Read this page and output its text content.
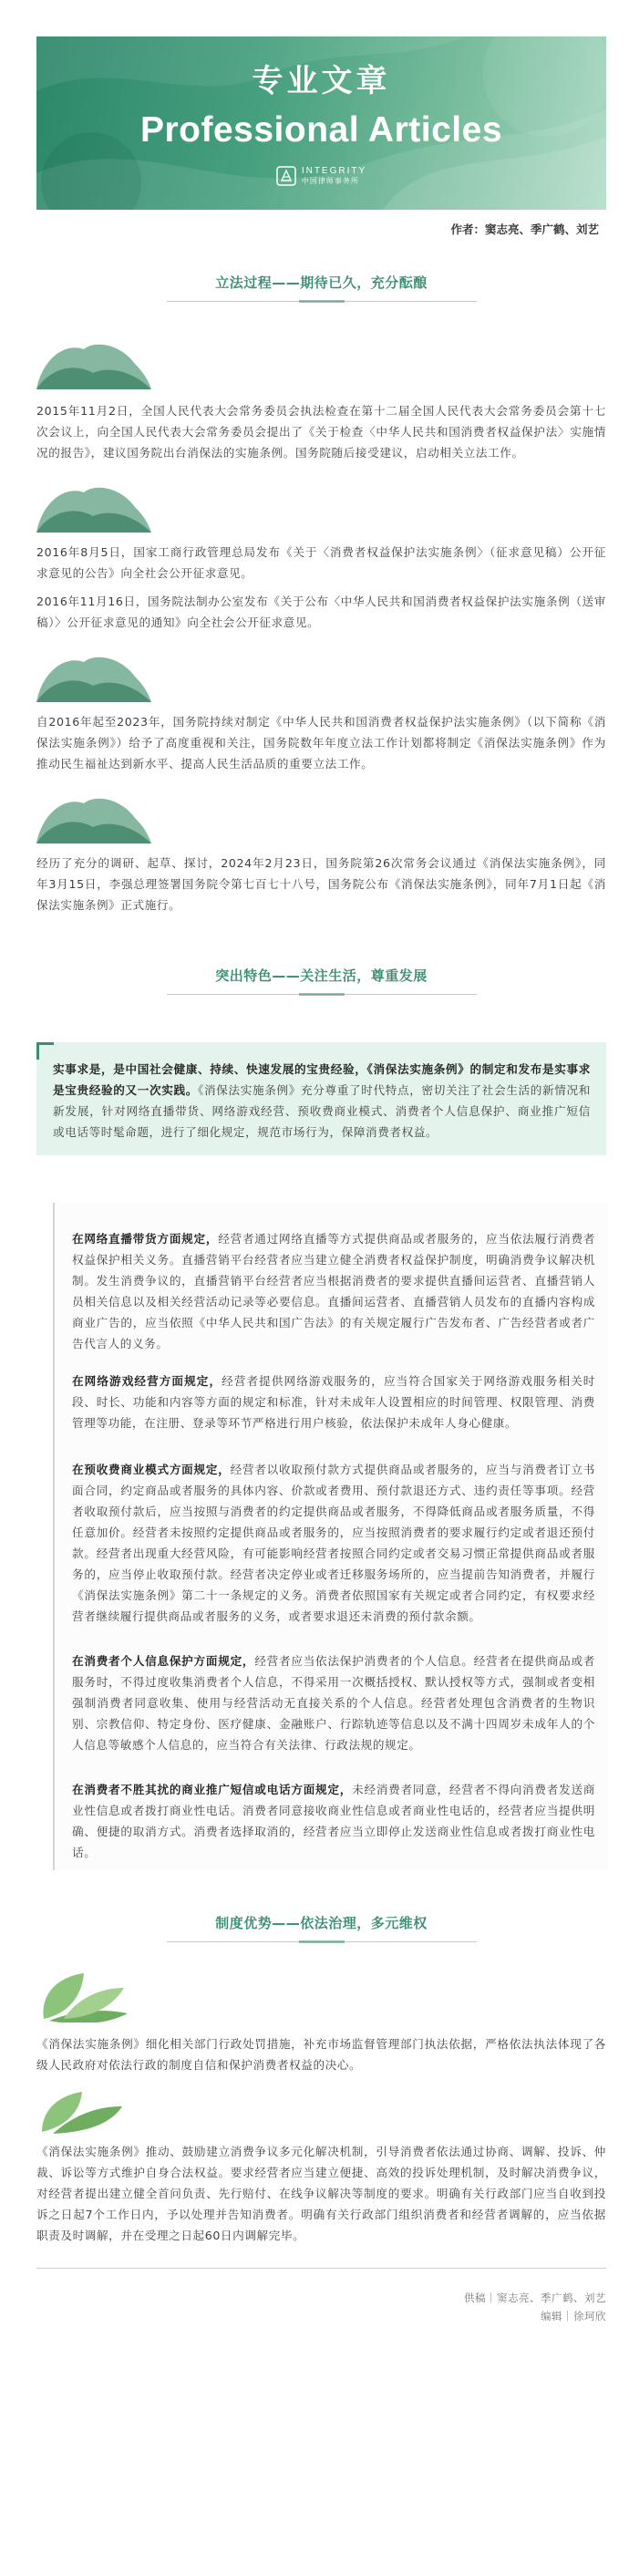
专业文章
Professional Articles
INTEGRITY
中国律师事务所
作者：窦志亮、季广鹤、刘艺
立法过程——期待已久，充分酝酿

2015年11月2日，全国人民代表大会常务委员会执法检查在第十二届全国人民代表大会常务委员会第十七次会议上，向全国人民代表大会常务委员会提出了《关于检查〈中华人民共和国消费者权益保护法〉实施情况的报告》，建议国务院出台消保法的实施条例。国务院随后接受建议，启动相关立法工作。

2016年8月5日，国家工商行政管理总局发布《关于〈消费者权益保护法实施条例〉（征求意见稿）公开征求意见的公告》向全社会公开征求意见。

2016年11月16日，国务院法制办公室发布《关于公布〈中华人民共和国消费者权益保护法实施条例（送审稿）〉公开征求意见的通知》向全社会公开征求意见。

自2016年起至2023年，国务院持续对制定《中华人民共和国消费者权益保护法实施条例》（以下简称《消保法实施条例》）给予了高度重视和关注，国务院数年年度立法工作计划都将制定《消保法实施条例》作为推动民生福祉达到新水平、提高人民生活品质的重要立法工作。

经历了充分的调研、起草、探讨，2024年2月23日，国务院第26次常务会议通过《消保法实施条例》，同年3月15日，李强总理签署国务院令第七百七十八号，国务院公布《消保法实施条例》，同年7月1日起《消保法实施条例》正式施行。

突出特色——关注生活，尊重发展

实事求是，是中国社会健康、持续、快速发展的宝贵经验，《消保法实施条例》的制定和发布是实事求是宝贵经验的又一次实践。《消保法实施条例》充分尊重了时代特点，密切关注了社会生活的新情况和新发展，针对网络直播带货、网络游戏经营、预收费商业模式、消费者个人信息保护、商业推广短信或电话等时髦命题，进行了细化规定，规范市场行为，保障消费者权益。

在网络直播带货方面规定，经营者通过网络直播等方式提供商品或者服务的，应当依法履行消费者权益保护相关义务。直播营销平台经营者应当建立健全消费者权益保护制度，明确消费争议解决机制。发生消费争议的，直播营销平台经营者应当根据消费者的要求提供直播间运营者、直播营销人员相关信息以及相关经营活动记录等必要信息。直播间运营者、直播营销人员发布的直播内容构成商业广告的，应当依照《中华人民共和国广告法》的有关规定履行广告发布者、广告经营者或者广告代言人的义务。

在网络游戏经营方面规定，经营者提供网络游戏服务的，应当符合国家关于网络游戏服务相关时段、时长、功能和内容等方面的规定和标准，针对未成年人设置相应的时间管理、权限管理、消费管理等功能，在注册、登录等环节严格进行用户核验，依法保护未成年人身心健康。

在预收费商业模式方面规定，经营者以收取预付款方式提供商品或者服务的，应当与消费者订立书面合同，约定商品或者服务的具体内容、价款或者费用、预付款退还方式、违约责任等事项。经营者收取预付款后，应当按照与消费者的约定提供商品或者服务，不得降低商品或者服务质量，不得任意加价。经营者未按照约定提供商品或者服务的，应当按照消费者的要求履行约定或者退还预付款。经营者出现重大经营风险，有可能影响经营者按照合同约定或者交易习惯正常提供商品或者服务的，应当停止收取预付款。经营者决定停业或者迁移服务场所的，应当提前告知消费者，并履行《消保法实施条例》第二十一条规定的义务。消费者依照国家有关规定或者合同约定，有权要求经营者继续履行提供商品或者服务的义务，或者要求退还未消费的预付款余额。

在消费者个人信息保护方面规定，经营者应当依法保护消费者的个人信息。经营者在提供商品或者服务时，不得过度收集消费者个人信息，不得采用一次概括授权、默认授权等方式，强制或者变相强制消费者同意收集、使用与经营活动无直接关系的个人信息。经营者处理包含消费者的生物识别、宗教信仰、特定身份、医疗健康、金融账户、行踪轨迹等信息以及不满十四周岁未成年人的个人信息等敏感个人信息的，应当符合有关法律、行政法规的规定。

在消费者不胜其扰的商业推广短信或电话方面规定，未经消费者同意，经营者不得向消费者发送商业性信息或者拨打商业性电话。消费者同意接收商业性信息或者商业性电话的，经营者应当提供明确、便捷的取消方式。消费者选择取消的，经营者应当立即停止发送商业性信息或者拨打商业性电话。

制度优势——依法治理，多元维权

《消保法实施条例》细化相关部门行政处罚措施，补充市场监督管理部门执法依据，严格依法执法体现了各级人民政府对依法行政的制度自信和保护消费者权益的决心。

《消保法实施条例》推动、鼓励建立消费争议多元化解决机制，引导消费者依法通过协商、调解、投诉、仲裁、诉讼等方式维护自身合法权益。要求经营者应当建立便捷、高效的投诉处理机制，及时解决消费争议，对经营者提出建立健全首问负责、先行赔付、在线争议解决等制度的要求。明确有关行政部门应当自收到投诉之日起7个工作日内，予以处理并告知消费者。明确有关行政部门组织消费者和经营者调解的，应当依据职责及时调解，并在受理之日起60日内调解完毕。

供稿｜窦志亮、季广鹤、刘艺

编辑｜徐珂欣
